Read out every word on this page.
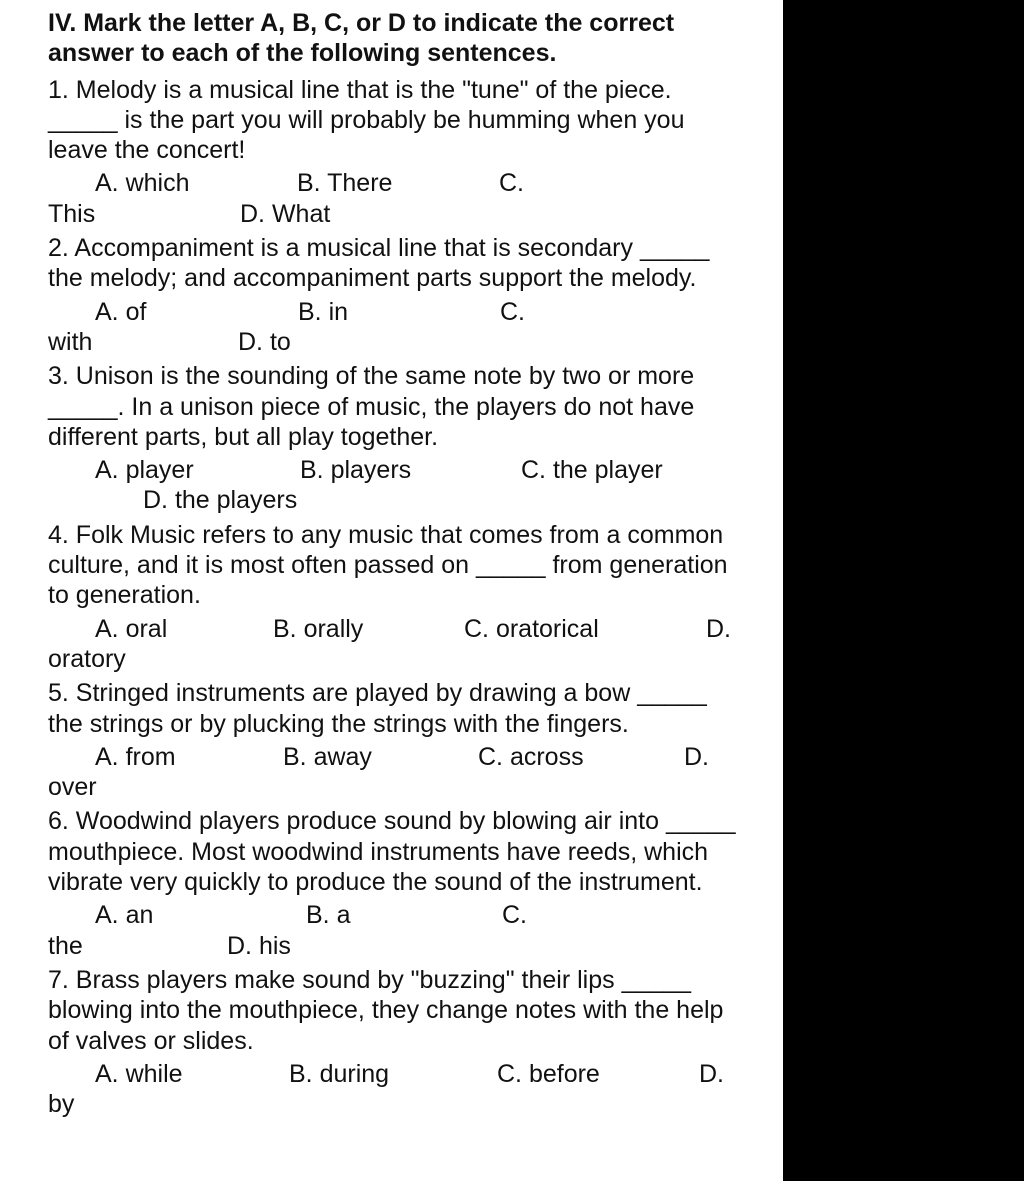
IV. Mark the letter A, B, C, or D to indicate the correct answer to each of the following sentences.
1. Melody is a musical line that is the "tune" of the piece. _____ is the part you will probably be humming when you leave the concert!
A. which	B. There	C.
This	D. What
2. Accompaniment is a musical line that is secondary _____ the melody; and accompaniment parts support the melody.
A. of	B. in	C.
with	D. to
3. Unison is the sounding of the same note by two or more _____. In a unison piece of music, the players do not have different parts, but all play together.
A. player	B. players	C. the player
D. the players
4. Folk Music refers to any music that comes from a common culture, and it is most often passed on _____ from generation to generation.
A. oral	B. orally	C. oratorical	D.
oratory
5. Stringed instruments are played by drawing a bow _____ the strings or by plucking the strings with the fingers.
A. from	B. away	C. across	D.
over
6. Woodwind players produce sound by blowing air into _____ mouthpiece. Most woodwind instruments have reeds, which vibrate very quickly to produce the sound of the instrument.
A. an	B. a	C.
the	D. his
7. Brass players make sound by "buzzing" their lips _____ blowing into the mouthpiece, they change notes with the help of valves or slides.
A. while	B. during	C. before	D.
by
